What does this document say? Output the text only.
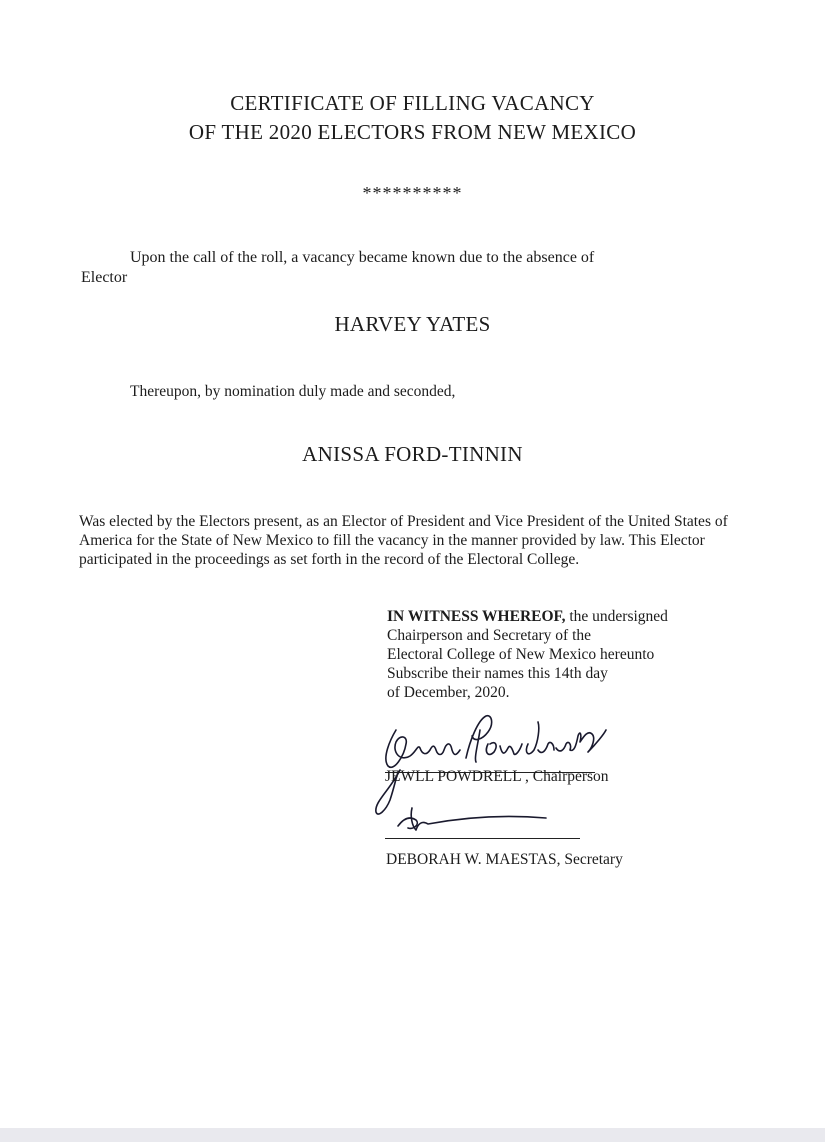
CERTIFICATE OF FILLING VACANCY
OF THE 2020 ELECTORS FROM NEW MEXICO
**********
Upon the call of the roll, a vacancy became known due to the absence of
Elector
HARVEY YATES
Thereupon, by nomination duly made and seconded,
ANISSA FORD-TINNIN
Was elected by the Electors present, as an Elector of President and Vice President of the United States of America for the State of New Mexico to fill the vacancy in the manner provided by law. This Elector participated in the proceedings as set forth in the record of the Electoral College.
IN WITNESS WHEREOF, the undersigned
Chairperson and Secretary of the
Electoral College of New Mexico hereunto
Subscribe their names this 14th day
of December, 2020.
JEWLL POWDRELL , Chairperson
DEBORAH W. MAESTAS, Secretary
